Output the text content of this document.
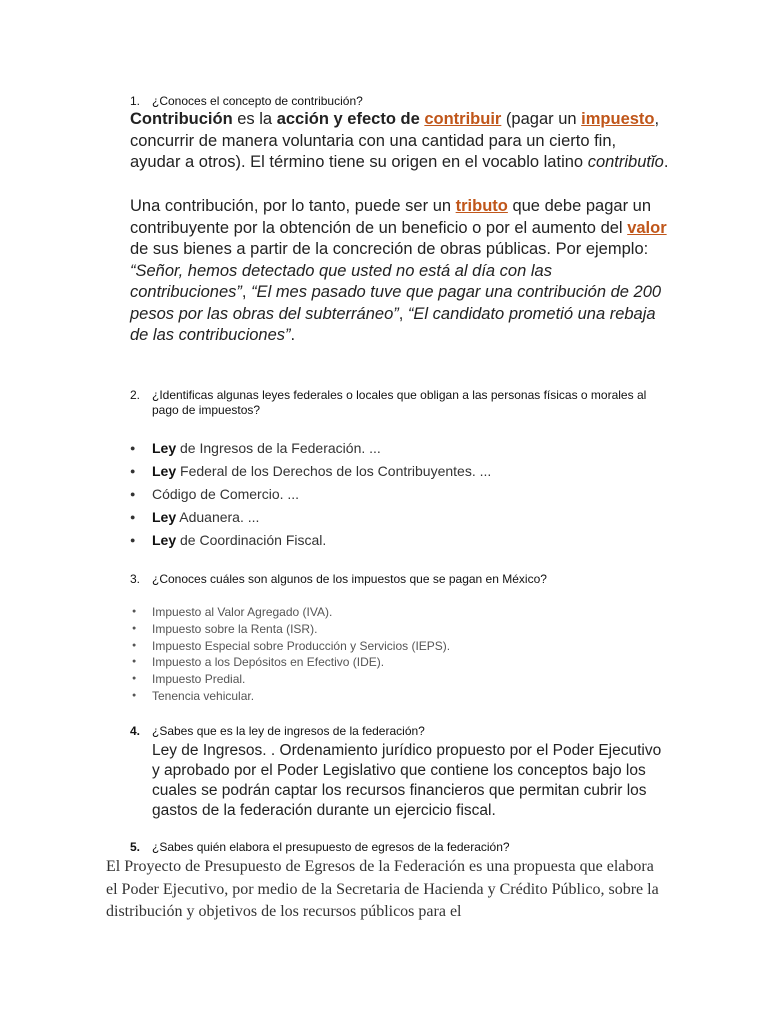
1. ¿Conoces el concepto de contribución?
Contribución es la acción y efecto de contribuir (pagar un impuesto, concurrir de manera voluntaria con una cantidad para un cierto fin, ayudar a otros). El término tiene su origen en el vocablo latino contributĭo.
Una contribución, por lo tanto, puede ser un tributo que debe pagar un contribuyente por la obtención de un beneficio o por el aumento del valor de sus bienes a partir de la concreción de obras públicas. Por ejemplo: “Señor, hemos detectado que usted no está al día con las contribuciones”, “El mes pasado tuve que pagar una contribución de 200 pesos por las obras del subterráneo”, “El candidato prometió una rebaja de las contribuciones”.
2. ¿Identificas algunas leyes federales o locales que obligan a las personas físicas o morales al pago de impuestos?
● Ley de Ingresos de la Federación. ...
● Ley Federal de los Derechos de los Contribuyentes. ...
● Código de Comercio. ...
● Ley Aduanera. ...
● Ley de Coordinación Fiscal.
3. ¿Conoces cuáles son algunos de los impuestos que se pagan en México?
● Impuesto al Valor Agregado (IVA).
● Impuesto sobre la Renta (ISR).
● Impuesto Especial sobre Producción y Servicios (IEPS).
● Impuesto a los Depósitos en Efectivo (IDE).
● Impuesto Predial.
● Tenencia vehicular.
4. ¿Sabes que es la ley de ingresos de la federación?
Ley de Ingresos. . Ordenamiento jurídico propuesto por el Poder Ejecutivo y aprobado por el Poder Legislativo que contiene los conceptos bajo los cuales se podrán captar los recursos financieros que permitan cubrir los gastos de la federación durante un ejercicio fiscal.
5. ¿Sabes quién elabora el presupuesto de egresos de la federación?
El Proyecto de Presupuesto de Egresos de la Federación es una propuesta que elabora el Poder Ejecutivo, por medio de la Secretaria de Hacienda y Crédito Público, sobre la distribución y objetivos de los recursos públicos para el
